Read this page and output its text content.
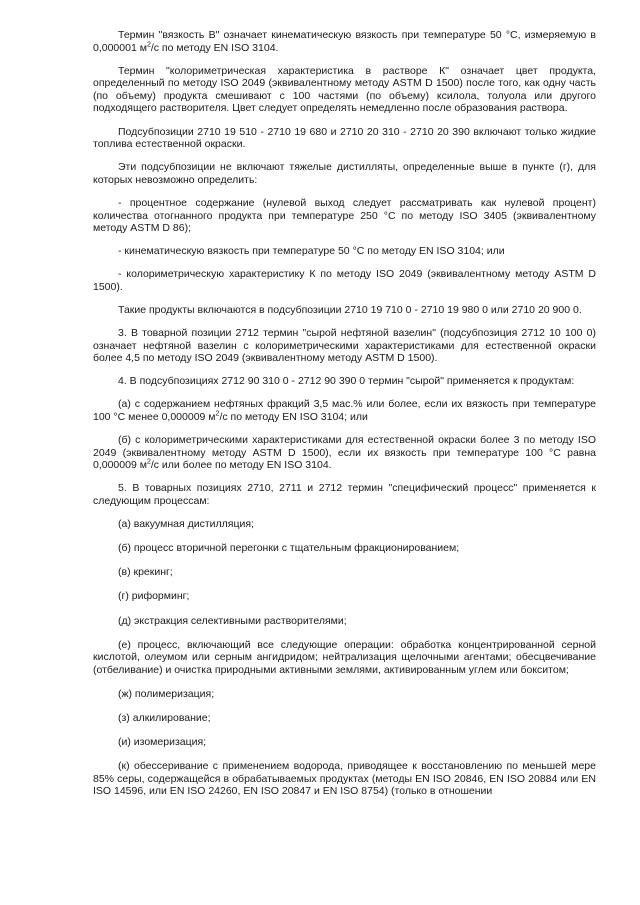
Термин "вязкость В" означает кинематическую вязкость при температуре 50 °С, измеряемую в 0,000001 $м^2/с$ по методу EN ISO 3104.

Термин "колориметрическая характеристика в растворе К" означает цвет продукта, определенный по методу ISO 2049 (эквивалентному методу ASTM D 1500) после того, как одну часть (по объему) продукта смешивают с 100 частями (по объему) ксилола, толуола или другого подходящего растворителя. Цвет следует определять немедленно после образования раствора.

Подсубпозиции 2710 19 510 - 2710 19 680 и 2710 20 310 - 2710 20 390 включают только жидкие топлива естественной окраски.

Эти подсубпозиции не включают тяжелые дистилляты, определенные выше в пункте (г), для которых невозможно определить:

- процентное содержание (нулевой выход следует рассматривать как нулевой процент) количества отогнанного продукта при температуре 250 °С по методу ISO 3405 (эквивалентному методу ASTM D 86);

- кинематическую вязкость при температуре 50 °С по методу EN ISO 3104; или

- колориметрическую характеристику К по методу ISO 2049 (эквивалентному методу ASTM D 1500).

Такие продукты включаются в подсубпозиции 2710 19 710 0 - 2710 19 980 0 или 2710 20 900 0.

3. В товарной позиции 2712 термин "сырой нефтяной вазелин" (подсубпозиция 2712 10 100 0) означает нефтяной вазелин с колориметрическими характеристиками для естественной окраски более 4,5 по методу ISO 2049 (эквивалентному методу ASTM D 1500).

4. В подсубпозициях 2712 90 310 0 - 2712 90 390 0 термин "сырой" применяется к продуктам:

(а) с содержанием нефтяных фракций 3,5 мас.% или более, если их вязкость при температуре 100 °С менее 0,000009 $м^2/с$ по методу EN ISO 3104; или

(б) с колориметрическими характеристиками для естественной окраски более 3 по методу ISO 2049 (эквивалентному методу ASTM D 1500), если их вязкость при температуре 100 °С равна 0,000009 $м^2/с$ или более по методу EN ISO 3104.

5. В товарных позициях 2710, 2711 и 2712 термин "специфический процесс" применяется к следующим процессам:

(а) вакуумная дистилляция;

(б) процесс вторичной перегонки с тщательным фракционированием;

(в) крекинг;

(г) риформинг;

(д) экстракция селективными растворителями;

(е) процесс, включающий все следующие операции: обработка концентрированной серной кислотой, олеумом или серным ангидридом; нейтрализация щелочными агентами; обесцвечивание (отбеливание) и очистка природными активными землями, активированным углем или бокситом;

(ж) полимеризация;

(з) алкилирование;

(и) изомеризация;

(к) обессеривание с применением водорода, приводящее к восстановлению по меньшей мере 85% серы, содержащейся в обрабатываемых продуктах (методы EN ISO 20846, EN ISO 20884 или EN ISO 14596, или EN ISO 24260, EN ISO 20847 и EN ISO 8754) (только в отношении
